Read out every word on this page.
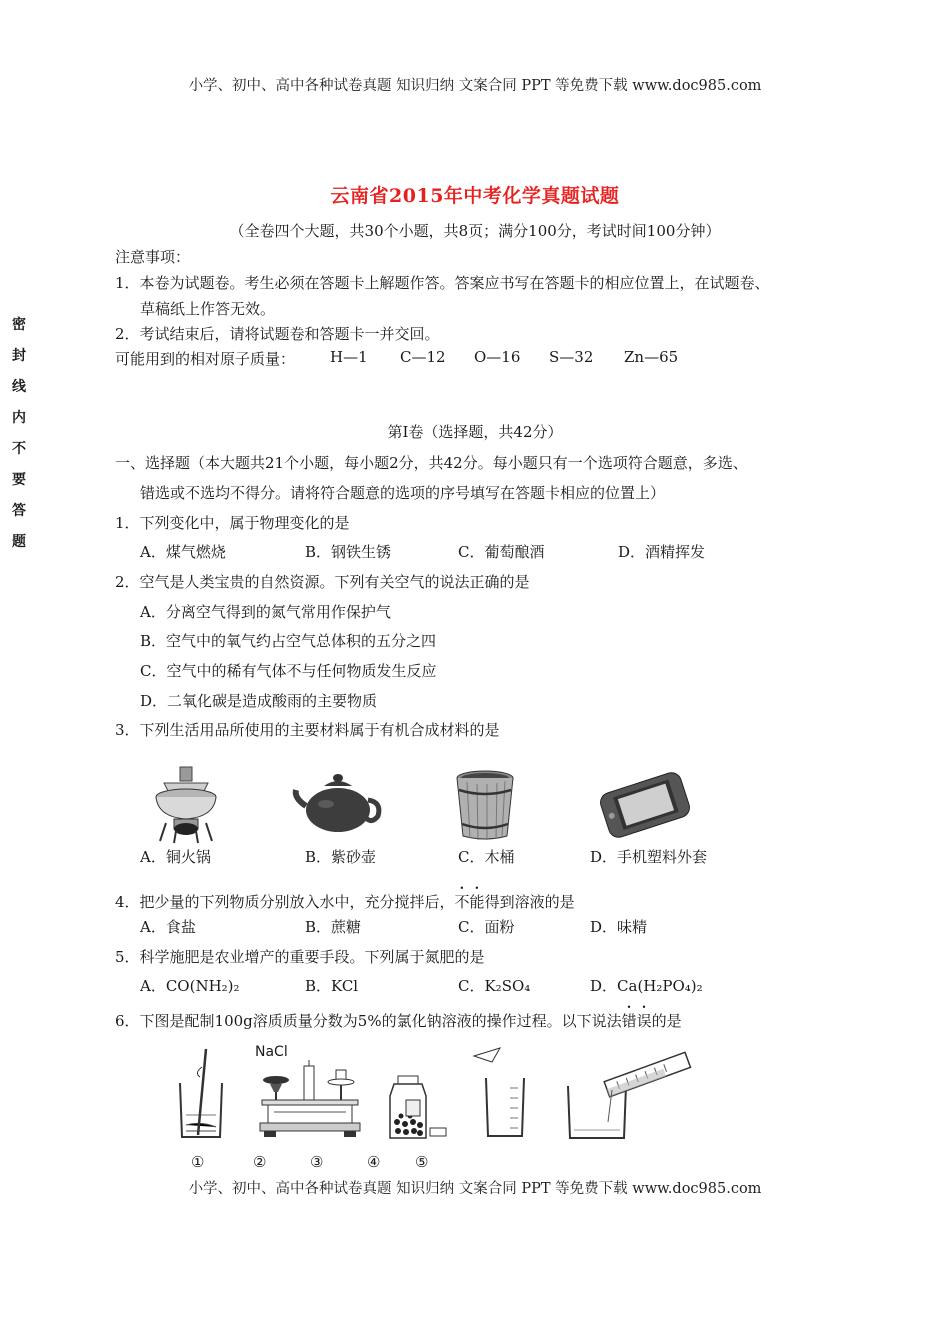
小学、初中、高中各种试卷真题 知识归纳 文案合同 PPT 等免费下载 www.doc985.com
密
封
线
内
不
要
答
题
云南省2015年中考化学真题试题
（全卷四个大题，共30个小题，共8页；满分100分，考试时间100分钟）
注意事项：
1．本卷为试题卷。考生必须在答题卡上解题作答。答案应书写在答题卡的相应位置上，在试题卷、
草稿纸上作答无效。
2．考试结束后，请将试题卷和答题卡一并交回。
可能用到的相对原子质量： H—1 C—12 O—16 S—32 Zn—65
第Ⅰ卷（选择题，共42分）
一、选择题（本大题共21个小题，每小题2分，共42分。每小题只有一个选项符合题意，多选、
错选或不选均不得分。请将符合题意的选项的序号填写在答题卡相应的位置上）
1．下列变化中，属于物理变化的是
A．煤气燃烧	B．钢铁生锈	C．葡萄酿酒	D．酒精挥发
2．空气是人类宝贵的自然资源。下列有关空气的说法正确的是
A．分离空气得到的氮气常用作保护气
B．空气中的氧气约占空气总体积的五分之四
C．空气中的稀有气体不与任何物质发生反应
D．二氧化碳是造成酸雨的主要物质
3．下列生活用品所使用的主要材料属于有机合成材料的是
A．铜火锅	B．紫砂壶	C．木桶	D．手机塑料外套
4．把少量的下列物质分别放入水中，充分搅拌后，不能得到溶液的是
A．食盐	B．蔗糖	C．面粉	D．味精
5．科学施肥是农业增产的重要手段。下列属于氮肥的是
A．CO(NH₂)₂	B．KCl	C．K₂SO₄	D．Ca(H₂PO₄)₂
6．下图是配制100g溶质质量分数为5%的氯化钠溶液的操作过程。以下说法错误的是
NaCl
①	②	③	④ ⑤
小学、初中、高中各种试卷真题 知识归纳 文案合同 PPT 等免费下载 www.doc985.com
